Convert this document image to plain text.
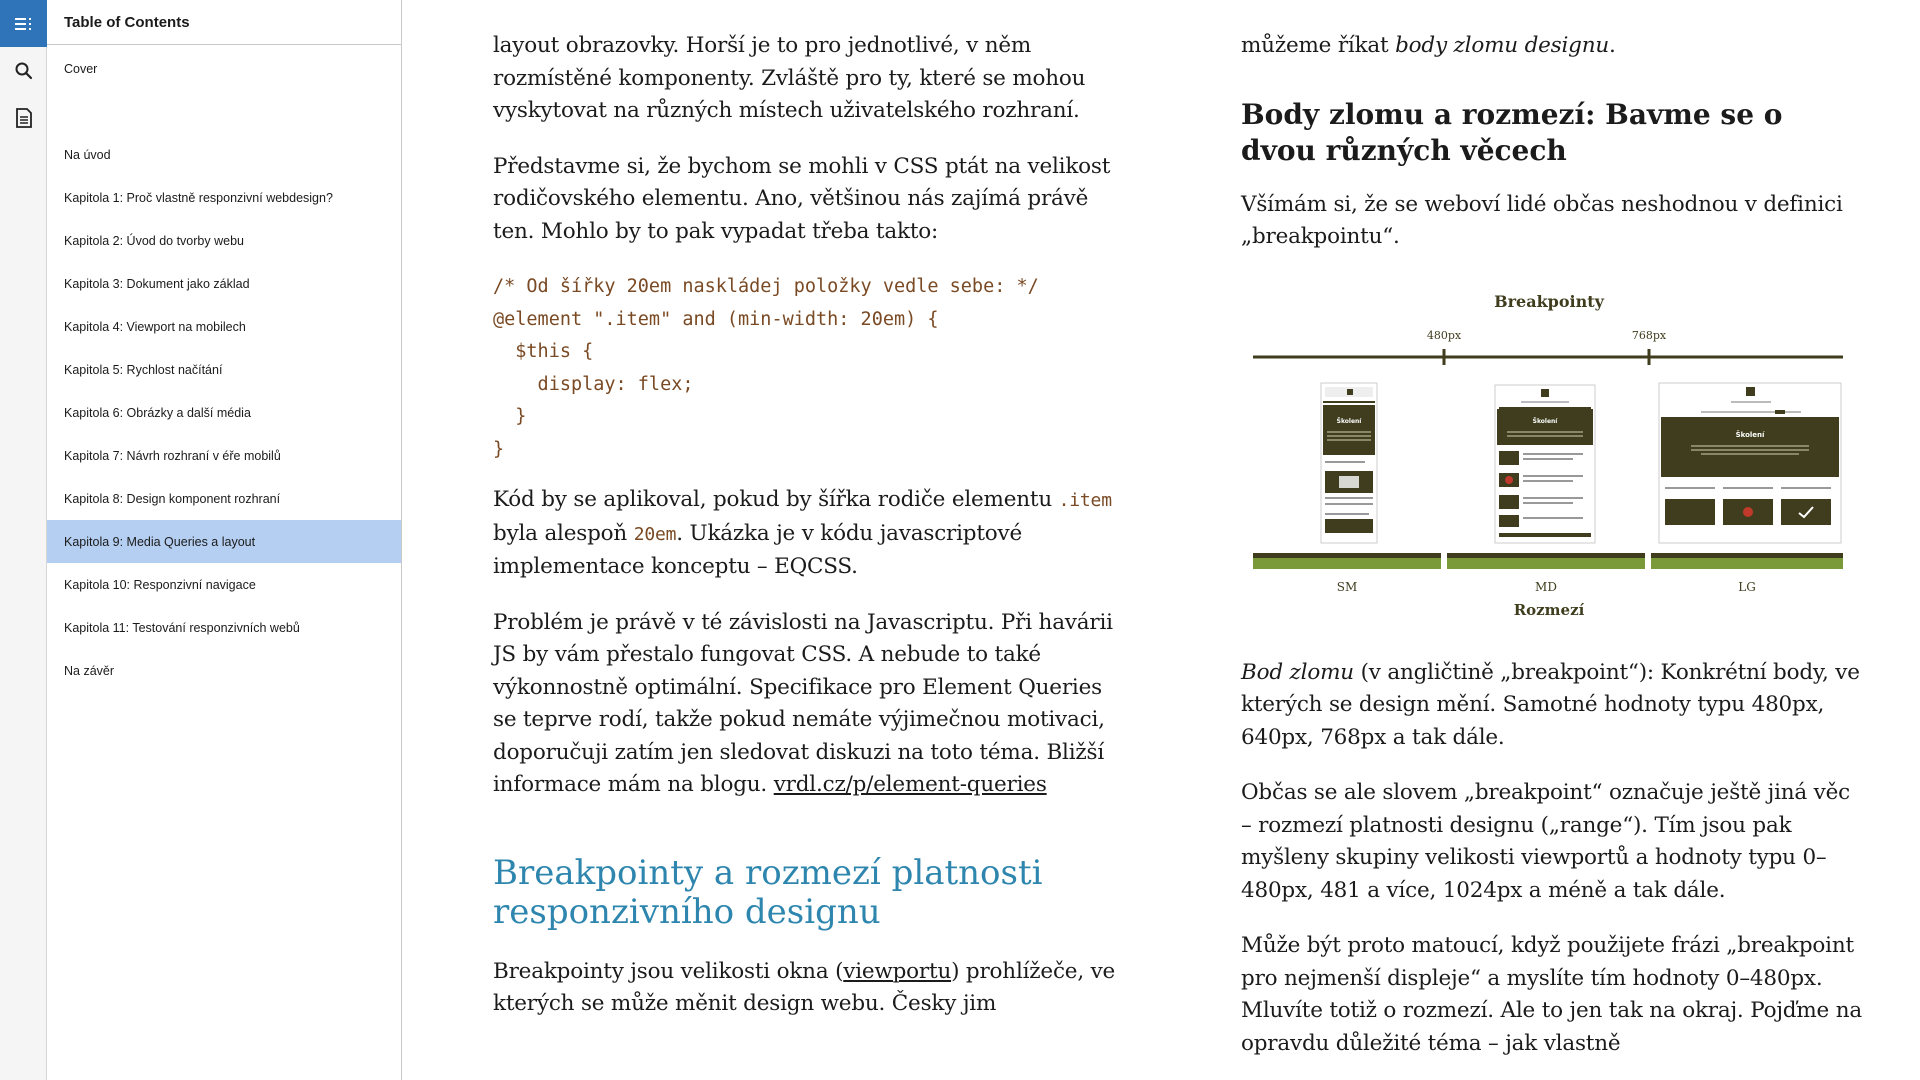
Table of Contents
Cover
Na úvod
Kapitola 1: Proč vlastně responzivní webdesign?
Kapitola 2: Úvod do tvorby webu
Kapitola 3: Dokument jako základ
Kapitola 4: Viewport na mobilech
Kapitola 5: Rychlost načítání
Kapitola 6: Obrázky a další média
Kapitola 7: Návrh rozhraní v éře mobilů
Kapitola 8: Design komponent rozhraní
Kapitola 9: Media Queries a layout
Kapitola 10: Responzivní navigace
Kapitola 11: Testování responzivních webů
Na závěr

layout obrazovky. Horší je to pro jednotlivé, v něm rozmístěné komponenty. Zvláště pro ty, které se mohou vyskytovat na různých místech uživatelského rozhraní.

Představme si, že bychom se mohli v CSS ptát na velikost rodičovského elementu. Ano, většinou nás zajímá právě ten. Mohlo by to pak vypadat třeba takto:

/* Od šířky 20em naskládej položky vedle sebe: */
@element ".item" and (min-width: 20em) {
$this {
display: flex;
}
}

Kód by se aplikoval, pokud by šířka rodiče elementu .item byla alespoň 20em. Ukázka je v kódu javascriptové implementace konceptu – EQCSS.

Problém je právě v té závislosti na Javascriptu. Při havárii JS by vám přestalo fungovat CSS. A nebude to také výkonnostně optimální. Specifikace pro Element Queries se teprve rodí, takže pokud nemáte výjimečnou motivaci, doporučuji zatím jen sledovat diskuzi na toto téma. Bližší informace mám na blogu. vrdl.cz/p/element-queries

Breakpointy a rozmezí platnosti responzivního designu

Breakpointy jsou velikosti okna (viewportu) prohlížeče, ve kterých se může měnit design webu. Česky jim

můžeme říkat body zlomu designu.

Body zlomu a rozmezí: Bavme se o dvou různých věcech

Všímám si, že se weboví lidé občas neshodnou v definici „breakpointu“.

Breakpointy
480px	768px
Školení	Školení
Školení
SM	MD	LG
Rozmezí

Bod zlomu (v angličtině „breakpoint“): Konkrétní body, ve kterých se design mění. Samotné hodnoty typu 480px, 640px, 768px a tak dále.

Občas se ale slovem „breakpoint“ označuje ještě jiná věc – rozmezí platnosti designu („range“). Tím jsou pak myšleny skupiny velikosti viewportů a hodnoty typu 0–480px, 481 a více, 1024px a méně a tak dále.

Může být proto matoucí, když použijete frázi „breakpoint pro nejmenší displeje“ a myslíte tím hodnoty 0–480px. Mluvíte totiž o rozmezí. Ale to jen tak na okraj. Pojďme na opravdu důležité téma – jak vlastně
